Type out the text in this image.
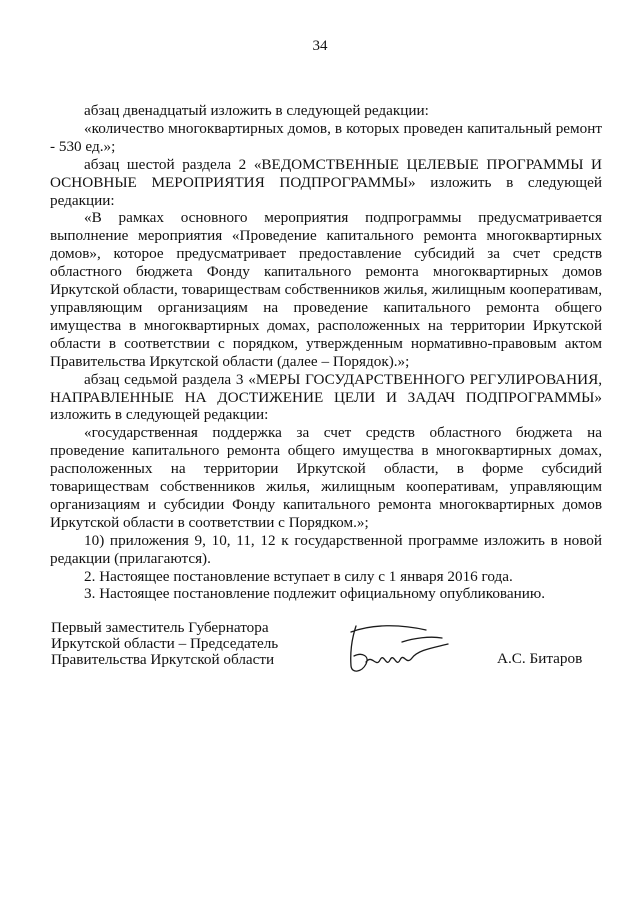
34

абзац двенадцатый изложить в следующей редакции:

«количество многоквартирных домов, в которых проведен капитальный ремонт - 530 ед.»;

абзац шестой раздела 2 «ВЕДОМСТВЕННЫЕ ЦЕЛЕВЫЕ ПРОГРАММЫ И ОСНОВНЫЕ МЕРОПРИЯТИЯ ПОДПРОГРАММЫ» изложить в следующей редакции:

«В рамках основного мероприятия подпрограммы предусматривается выполнение мероприятия «Проведение капитального ремонта многоквартирных домов», которое предусматривает предоставление субсидий за счет средств областного бюджета Фонду капитального ремонта многоквартирных домов Иркутской области, товариществам собственников жилья, жилищным кооперативам, управляющим организациям на проведение капитального ремонта общего имущества в многоквартирных домах, расположенных на территории Иркутской области в соответствии с порядком, утвержденным нормативно-правовым актом Правительства Иркутской области (далее – Порядок).»;

абзац седьмой раздела 3 «МЕРЫ ГОСУДАРСТВЕННОГО РЕГУЛИРОВАНИЯ, НАПРАВЛЕННЫЕ НА ДОСТИЖЕНИЕ ЦЕЛИ И ЗАДАЧ ПОДПРОГРАММЫ» изложить в следующей редакции:

«государственная поддержка за счет средств областного бюджета на проведение капитального ремонта общего имущества в многоквартирных домах, расположенных на территории Иркутской области, в форме субсидий товариществам собственников жилья, жилищным кооперативам, управляющим организациям и субсидии Фонду капитального ремонта многоквартирных домов Иркутской области в соответствии с Порядком.»;

10) приложения 9, 10, 11, 12 к государственной программе изложить в новой редакции (прилагаются).

2. Настоящее постановление вступает в силу с 1 января 2016 года.

3. Настоящее постановление подлежит официальному опубликованию.

Первый заместитель Губернатора
Иркутской области – Председатель
Правительства Иркутской области	А.С. Битаров
